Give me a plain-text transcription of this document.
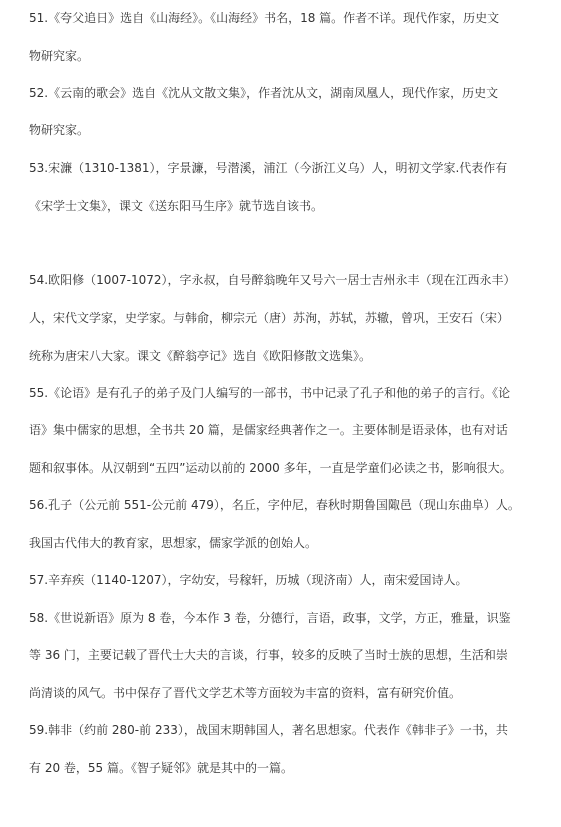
51.《夸父追日》选自《山海经》。《山海经》书名，18 篇。作者不详。现代作家，历史文
物研究家。
52.《云南的歌会》选自《沈从文散文集》，作者沈从文，湖南凤凰人，现代作家，历史文
物研究家。
53.宋濂（1310-1381），字景濂，号潜溪，浦江（今浙江义乌）人，明初文学家.代表作有
《宋学士文集》，课文《送东阳马生序》就节选自该书。
54.欧阳修（1007-1072），字永叔，自号醉翁晚年又号六一居士吉州永丰（现在江西永丰）
人，宋代文学家，史学家。与韩俞，柳宗元（唐）苏洵，苏轼，苏辙，曾巩，王安石（宋）
统称为唐宋八大家。课文《醉翁亭记》选自《欧阳修散文选集》。
55.《论语》是有孔子的弟子及门人编写的一部书，书中记录了孔子和他的弟子的言行。《论
语》集中儒家的思想，全书共 20 篇，是儒家经典著作之一。主要体制是语录体，也有对话
题和叙事体。从汉朝到“五四”运动以前的 2000 多年，一直是学童们必读之书，影响很大。
56.孔子（公元前 551-公元前 479），名丘，字仲尼，春秋时期鲁国陬邑（现山东曲阜）人。
我国古代伟大的教育家，思想家，儒家学派的创始人。
57.辛弃疾（1140-1207），字幼安，号稼轩，历城（现济南）人，南宋爱国诗人。
58.《世说新语》原为 8 卷，今本作 3 卷，分德行，言语，政事，文学，方正，雅量，识鉴
等 36 门，主要记载了晋代士大夫的言谈，行事，较多的反映了当时士族的思想，生活和崇
尚清谈的风气。书中保存了晋代文学艺术等方面较为丰富的资料，富有研究价值。
59.韩非（约前 280-前 233），战国末期韩国人，著名思想家。代表作《韩非子》一书，共
有 20 卷，55 篇。《智子疑邻》就是其中的一篇。
